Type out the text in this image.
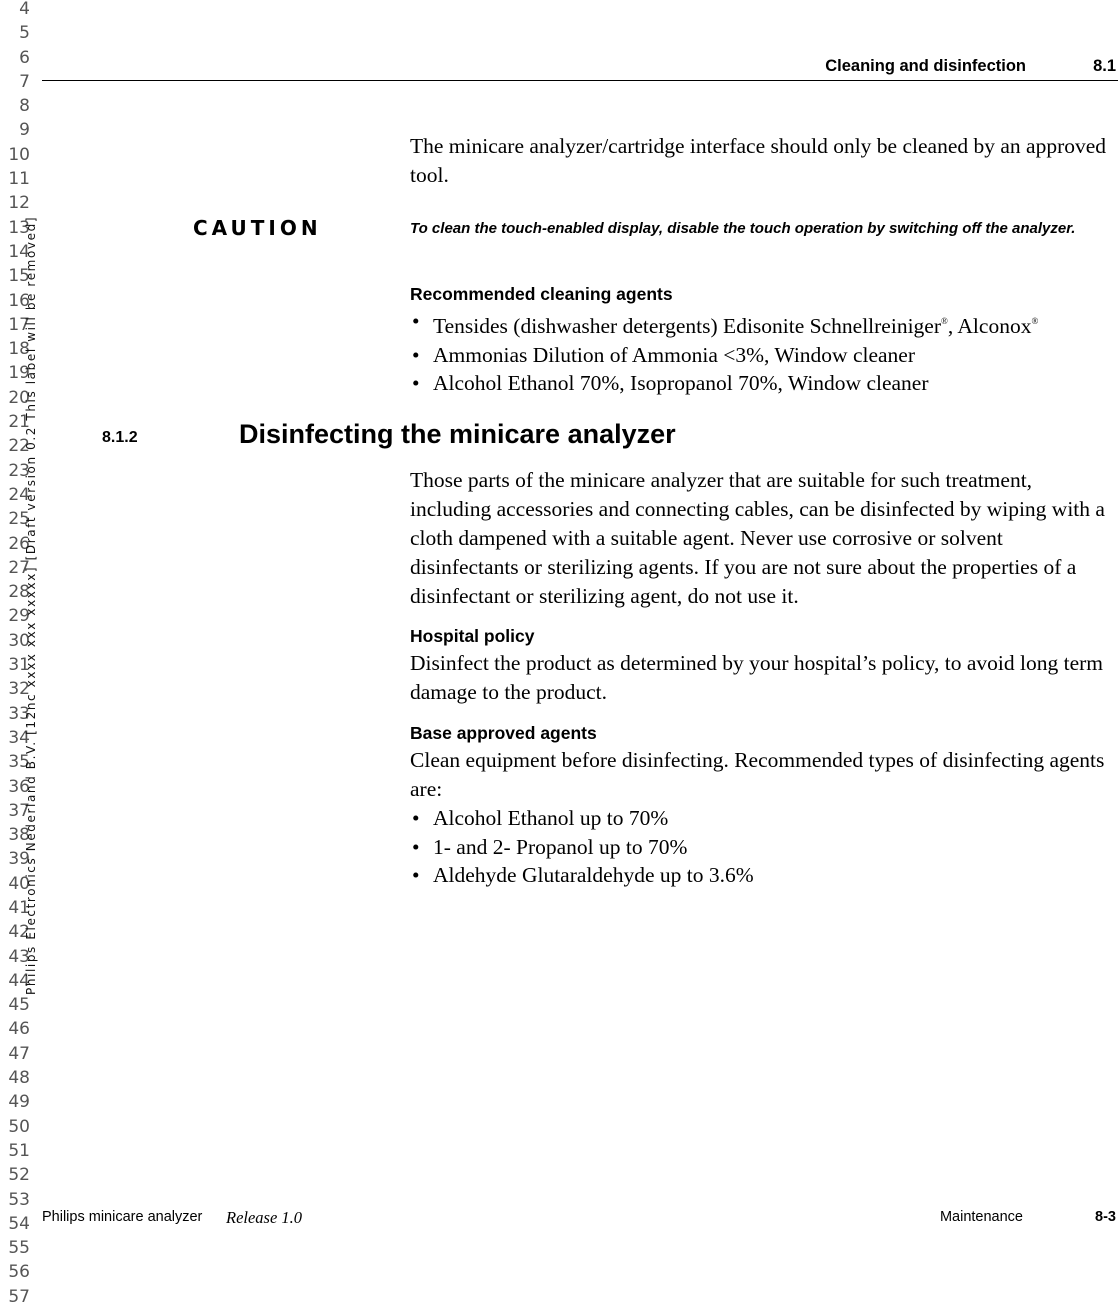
4
5
6
7
8
9
10
11
12
13
14
15
16
17
18
19
20
21
22
23
24
25
26
27
28
29
30
31
32
33
34
35
36
37
38
39
40
41
42
43
44
45
46
47
48
49
50
51
52
53
54
55
56
57
Philips Electronics Nederland B.V. [12nc xxxx xxx xxxxx] [Draft version 0.2 This label will be removed]
Cleaning and disinfection	8.1
The minicare analyzer/cartridge interface should only be cleaned by an approved tool.
CAUTION	To clean the touch-enabled display, disable the touch operation by switching off the analyzer.
Recommended cleaning agents
• Tensides (dishwasher detergents) Edisonite Schnellreiniger®, Alconox®
• Ammonias Dilution of Ammonia <3%, Window cleaner
• Alcohol Ethanol 70%, Isopropanol 70%, Window cleaner
8.1.2	Disinfecting the minicare analyzer
Those parts of the minicare analyzer that are suitable for such treatment, including accessories and connecting cables, can be disinfected by wiping with a cloth dampened with a suitable agent. Never use corrosive or solvent disinfectants or sterilizing agents. If you are not sure about the properties of a disinfectant or sterilizing agent, do not use it.
Hospital policy
Disinfect the product as determined by your hospital’s policy, to avoid long term damage to the product.
Base approved agents
Clean equipment before disinfecting. Recommended types of disinfecting agents are:
• Alcohol Ethanol up to 70%
• 1- and 2- Propanol up to 70%
• Aldehyde Glutaraldehyde up to 3.6%
Philips minicare analyzer Release 1.0	Maintenance	8-3
